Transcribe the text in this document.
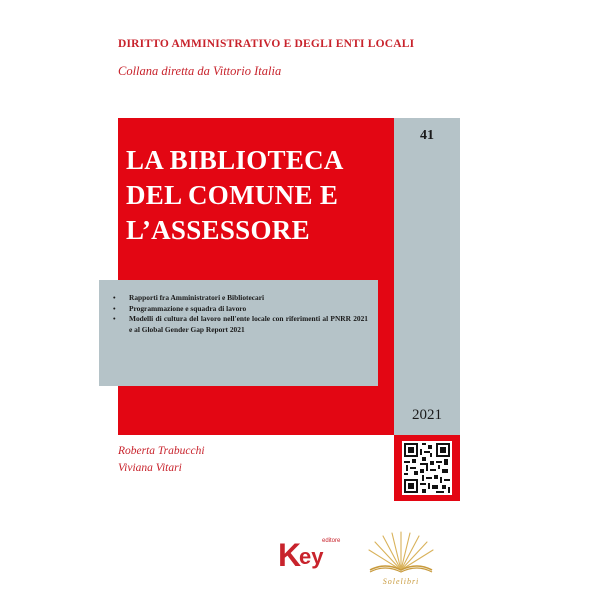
DIRITTO AMMINISTRATIVO E DEGLI ENTI LOCALI
Collana diretta da Vittorio Italia
LA BIBLIOTECA
DEL COMUNE E
L’ASSESSORE
41
2021
• Rapporti fra Amministratori e Bibliotecari
• Programmazione e squadra di lavoro
• Modelli di cultura del lavoro nell'ente locale con riferimenti al PNRR 2021 e al Global Gender Gap Report 2021
Roberta Trabucchi
Viviana Vitari
K
ey
editore
Solelibri
